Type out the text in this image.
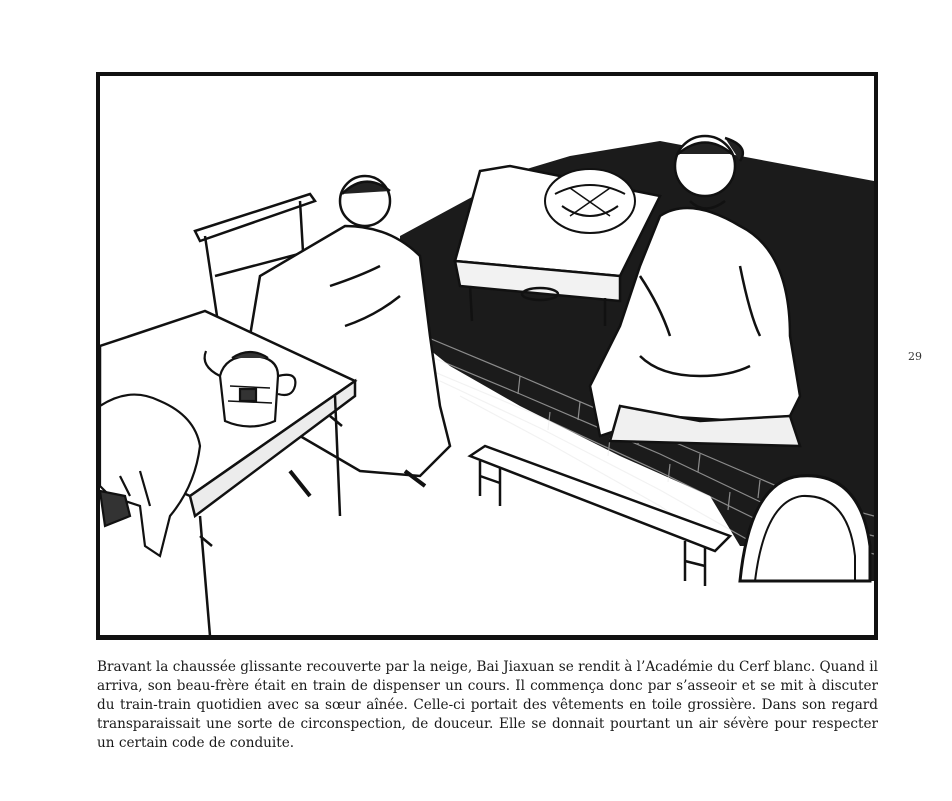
29

Bravant la chaussée glissante recouverte par la neige, Bai Jiaxuan se rendit à l’Académie du Cerf blanc. Quand il arriva, son beau-frère était en train de dispenser un cours. Il commença donc par s’asseoir et se mit à discuter du train-train quotidien avec sa sœur aînée. Celle-ci portait des vêtements en toile grossière. Dans son regard transparaissait une sorte de circonspection, de douceur. Elle se donnait pourtant un air sévère pour respecter un certain code de conduite.
